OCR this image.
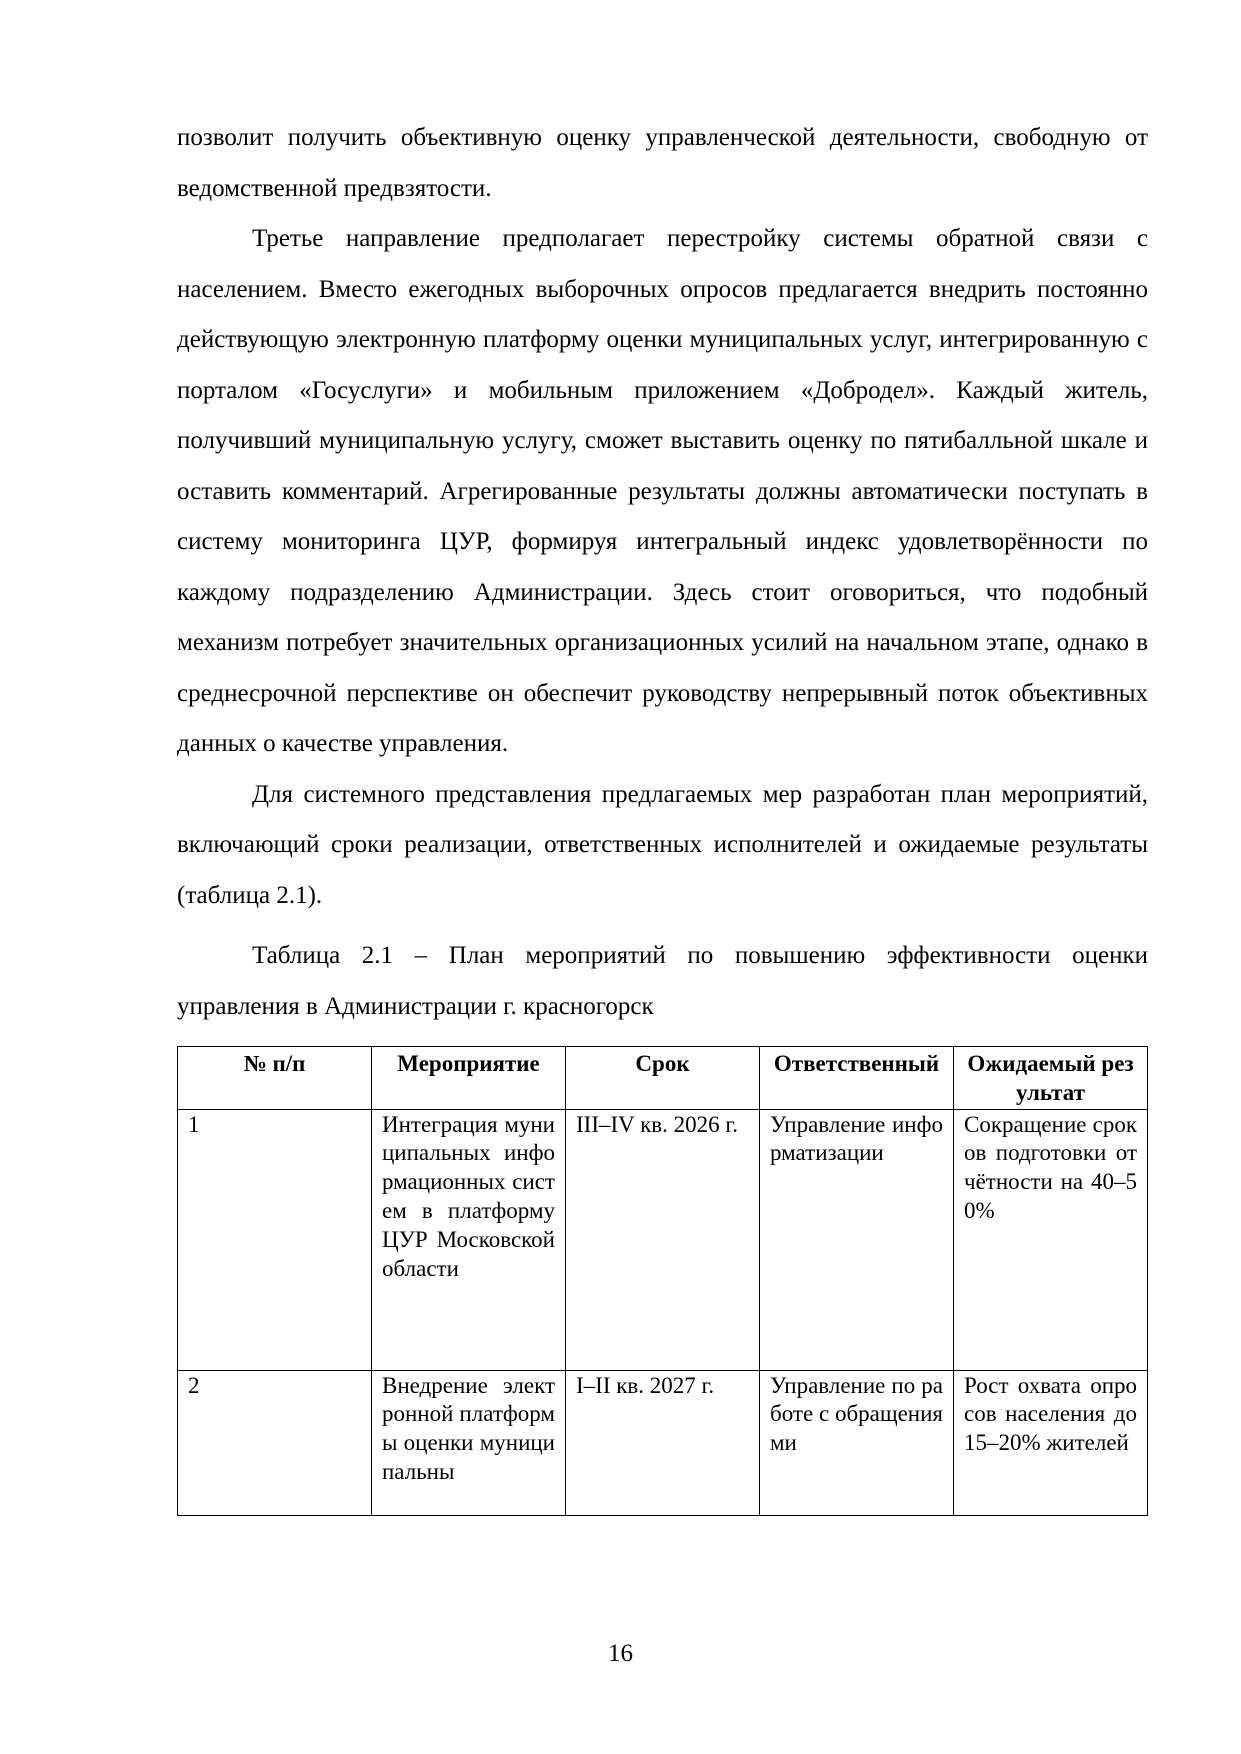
позволит получить объективную оценку управленческой деятельности, свободную от ведомственной предвзятости.

Третье направление предполагает перестройку системы обратной связи с населением. Вместо ежегодных выборочных опросов предлагается внедрить постоянно действующую электронную платформу оценки муниципальных услуг, интегрированную с порталом «Госуслуги» и мобильным приложением «Добродел». Каждый житель, получивший муниципальную услугу, сможет выставить оценку по пятибалльной шкале и оставить комментарий. Агрегированные результаты должны автоматически поступать в систему мониторинга ЦУР, формируя интегральный индекс удовлетворённости по каждому подразделению Администрации. Здесь стоит оговориться, что подобный механизм потребует значительных организационных усилий на начальном этапе, однако в среднесрочной перспективе он обеспечит руководству непрерывный поток объективных данных о качестве управления.

Для системного представления предлагаемых мер разработан план мероприятий, включающий сроки реализации, ответственных исполнителей и ожидаемые результаты (таблица 2.1).

Таблица 2.1 – План мероприятий по повышению эффективности оценки управления в Администрации г. красногорск

№ п/п	Мероприятие	Срок	Ответственный	Ожидаемый результат
1	Интеграция муниципальных информационных систем в платформу ЦУР Московской области	III–IV кв. 2026 г.	Управление информатизации	Сокращение сроков подготовки отчётности на 40–50%
2	Внедрение электронной платформы оценки муниципальны	I–II кв. 2027 г.	Управление по работе с обращениями	Рост охвата опросов населения до 15–20% жителей
16
